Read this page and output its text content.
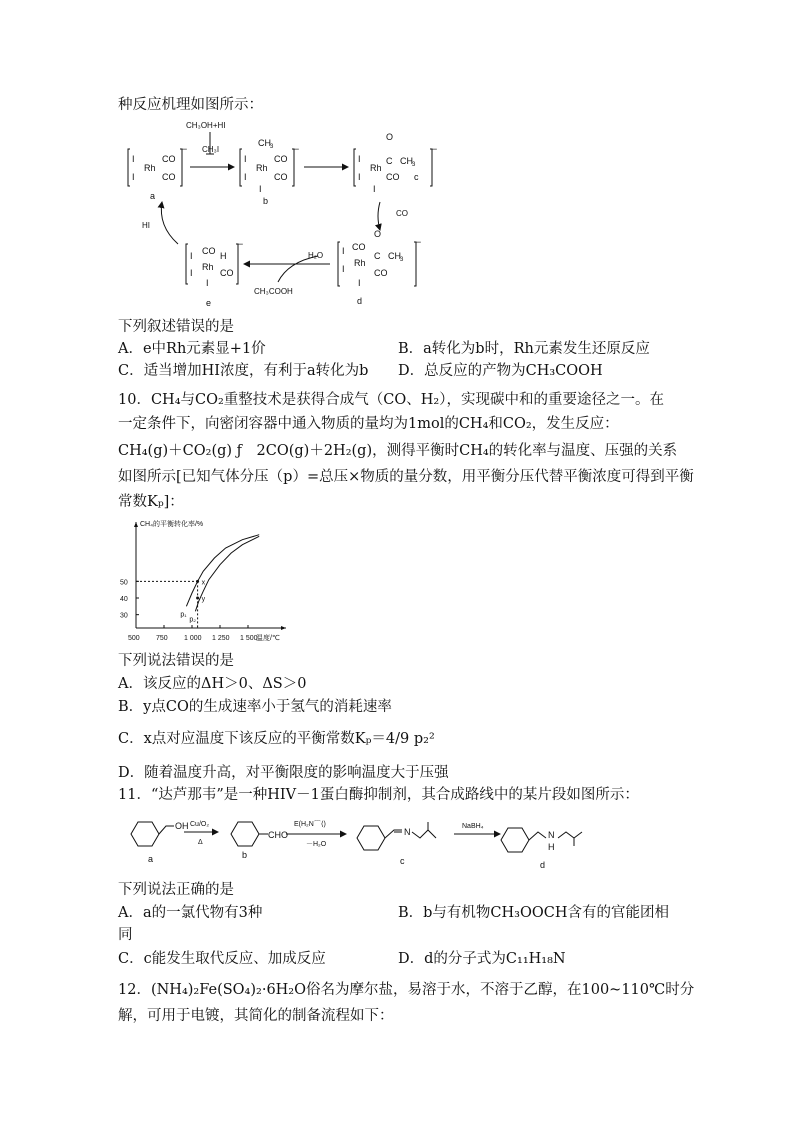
种反应机理如图所示：
I
I
Rh
CO
CO
−
a
I
I
Rh
CH 3
CO
CO
I
−
b
I
I
Rh
C CH 3
O
CO
I
−
c
I
I
CO
Rh
C CH 3
O
CO
I
−
d
I
I
CO
Rh
H
CO
I
−
e
CH₃OH+HI
CH₃I
CO
H₂O
CH₃COOH
HI
下列叙述错误的是
A．e中Rh元素显+1价	B．a转化为b时，Rh元素发生还原反应
C．适当增加HI浓度，有利于a转化为b D．总反应的产物为CH₃COOH
10．CH₄与CO₂重整技术是获得合成气（CO、H₂），实现碳中和的重要途径之一。在
一定条件下，向密闭容器中通入物质的量均为1mol的CH₄和CO₂，发生反应：
CH₄(g)＋CO₂(g) ƒ　2CO(g)＋2H₂(g)，测得平衡时CH₄的转化率与温度、压强的关系
如图所示[已知气体分压（p）=总压×物质的量分数，用平衡分压代替平衡浓度可得到平衡
常数Kₚ]：
CH₄的平衡转化率/%
温度/℃
500 750 1 000 1 250 1 500
50
40
30	p₁
p₂
x
y
下列说法错误的是
A．该反应的ΔH＞0、ΔS＞0
B．y点CO的生成速率小于氢气的消耗速率
C．x点对应温度下该反应的平衡常数Kₚ＝4/9 p₂²
D．随着温度升高，对平衡限度的影响温度大于压强
11．“达芦那韦”是一种HIV－1蛋白酶抑制剂，其合成路线中的某片段如图所示：
OH
CHO	N	N
H
Cu/O₂
Δ
E(H₂N⌒⟨)
－H₂O
NaBH₄
a	b
c	d
下列说法正确的是
A．a的一氯代物有3种	B．b与有机物CH₃OOCH含有的官能团相
同
C．c能发生取代反应、加成反应	D．d的分子式为C₁₁H₁₈N
12．(NH₄)₂Fe(SO₄)₂·6H₂O俗名为摩尔盐，易溶于水，不溶于乙醇，在100~110℃时分
解，可用于电镀，其简化的制备流程如下：
